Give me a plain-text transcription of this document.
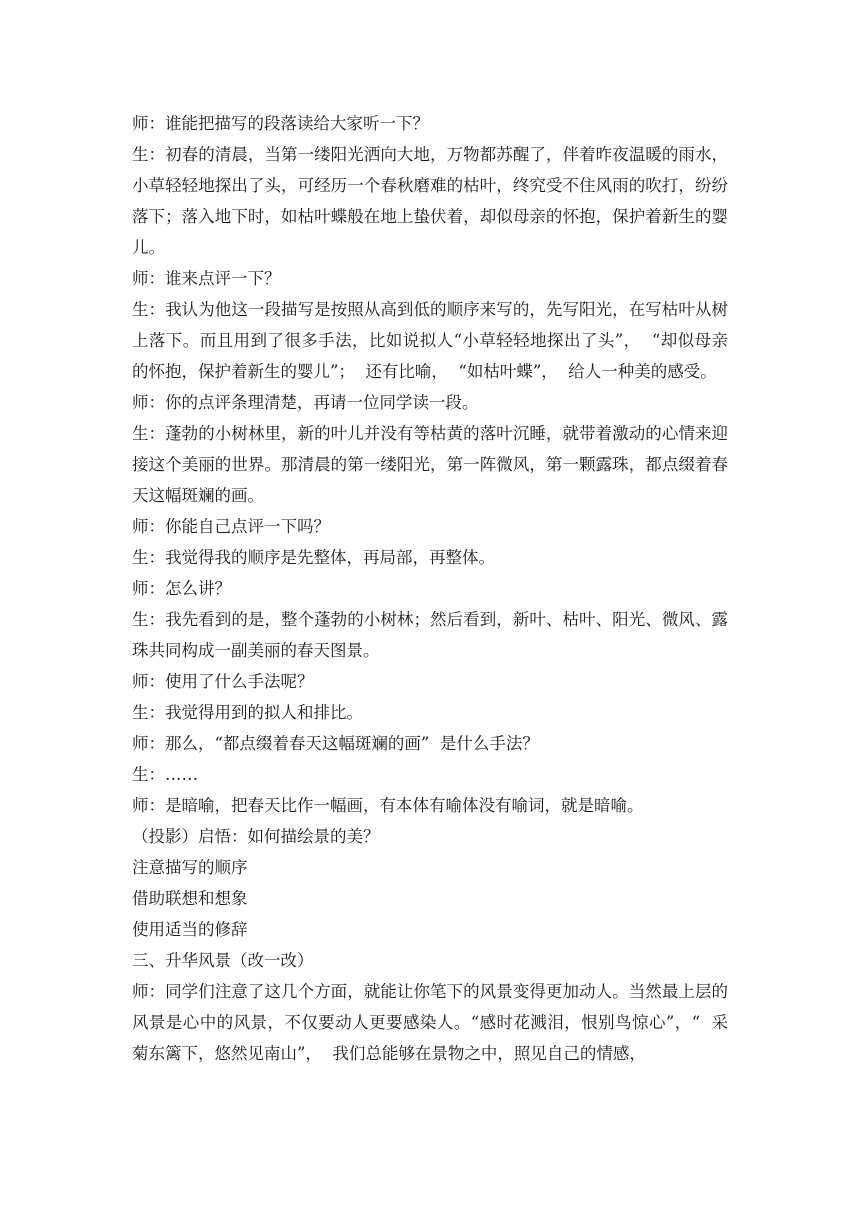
师：谁能把描写的段落读给大家听一下？

生：初春的清晨，当第一缕阳光洒向大地，万物都苏醒了，伴着昨夜温暖的雨水，小草轻轻地探出了头，可经历一个春秋磨难的枯叶，终究受不住风雨的吹打，纷纷落下；落入地下时，如枯叶蝶般在地上蛰伏着，却似母亲的怀抱，保护着新生的婴儿。

师：谁来点评一下？

生：我认为他这一段描写是按照从高到低的顺序来写的，先写阳光，在写枯叶从树上落下。而且用到了很多手法，比如说拟人“小草轻轻地探出了头”，  “却似母亲的怀抱，保护着新生的婴儿”；  还有比喻，  “如枯叶蝶”，  给人一种美的感受。

师：你的点评条理清楚，再请一位同学读一段。

生：蓬勃的小树林里，新的叶儿并没有等枯黄的落叶沉睡，就带着激动的心情来迎接这个美丽的世界。那清晨的第一缕阳光，第一阵微风，第一颗露珠，都点缀着春天这幅斑斓的画。

师：你能自己点评一下吗？

生：我觉得我的顺序是先整体，再局部，再整体。

师：怎么讲？

生：我先看到的是，整个蓬勃的小树林；然后看到，新叶、枯叶、阳光、微风、露珠共同构成一副美丽的春天图景。

师：使用了什么手法呢？

生：我觉得用到的拟人和排比。

师：那么，“都点缀着春天这幅斑斓的画”  是什么手法？

生：……

师：是暗喻，把春天比作一幅画，有本体有喻体没有喻词，就是暗喻。

（投影）启悟：如何描绘景的美？

注意描写的顺序

借助联想和想象

使用适当的修辞

三、升华风景（改一改）

师：同学们注意了这几个方面，就能让你笔下的风景变得更加动人。当然最上层的风景是心中的风景，不仅要动人更要感染人。“感时花溅泪，恨别鸟惊心”，“  采菊东篱下，悠然见南山”，  我们总能够在景物之中，照见自己的情感，
